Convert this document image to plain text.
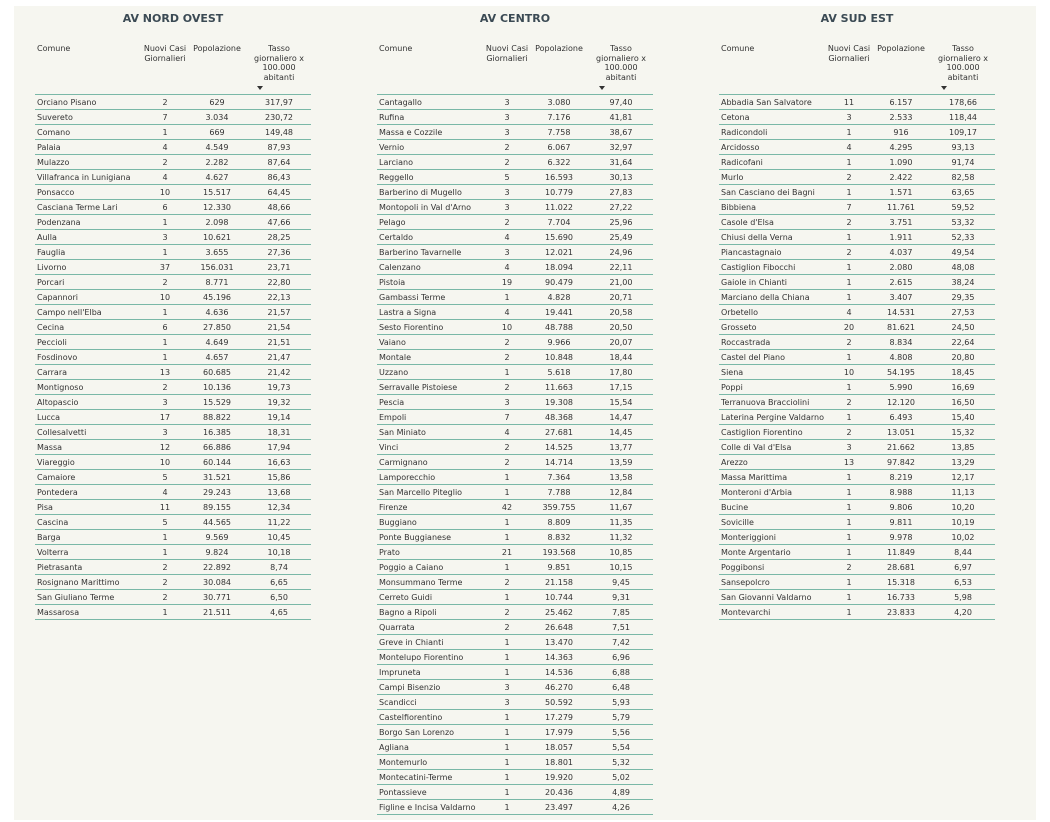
AV NORD OVEST
Comune	Nuovi Casi Giornalieri	Popolazione	Tasso giornaliero x 100.000 abitanti

Orciano Pisano	2	629	317,97
Suvereto	7	3.034	230,72
Comano	1	669	149,48
Palaia	4	4.549	87,93
Mulazzo	2	2.282	87,64
Villafranca in Lunigiana	4	4.627	86,43
Ponsacco	10	15.517	64,45
Casciana Terme Lari	6	12.330	48,66
Podenzana	1	2.098	47,66
Aulla	3	10.621	28,25
Fauglia	1	3.655	27,36
Livorno	37	156.031	23,71
Porcari	2	8.771	22,80
Capannori	10	45.196	22,13
Campo nell'Elba	1	4.636	21,57
Cecina	6	27.850	21,54
Peccioli	1	4.649	21,51
Fosdinovo	1	4.657	21,47
Carrara	13	60.685	21,42
Montignoso	2	10.136	19,73
Altopascio	3	15.529	19,32
Lucca	17	88.822	19,14
Collesalvetti	3	16.385	18,31
Massa	12	66.886	17,94
Viareggio	10	60.144	16,63
Camaiore	5	31.521	15,86
Pontedera	4	29.243	13,68
Pisa	11	89.155	12,34
Cascina	5	44.565	11,22
Barga	1	9.569	10,45
Volterra	1	9.824	10,18
Pietrasanta	2	22.892	8,74
Rosignano Marittimo	2	30.084	6,65
San Giuliano Terme	2	30.771	6,50
Massarosa	1	21.511	4,65
AV CENTRO
Comune	Nuovi Casi Giornalieri	Popolazione	Tasso giornaliero x 100.000 abitanti

Cantagallo	3	3.080	97,40
Rufina	3	7.176	41,81
Massa e Cozzile	3	7.758	38,67
Vernio	2	6.067	32,97
Larciano	2	6.322	31,64
Reggello	5	16.593	30,13
Barberino di Mugello	3	10.779	27,83
Montopoli in Val d'Arno	3	11.022	27,22
Pelago	2	7.704	25,96
Certaldo	4	15.690	25,49
Barberino Tavarnelle	3	12.021	24,96
Calenzano	4	18.094	22,11
Pistoia	19	90.479	21,00
Gambassi Terme	1	4.828	20,71
Lastra a Signa	4	19.441	20,58
Sesto Fiorentino	10	48.788	20,50
Vaiano	2	9.966	20,07
Montale	2	10.848	18,44
Uzzano	1	5.618	17,80
Serravalle Pistoiese	2	11.663	17,15
Pescia	3	19.308	15,54
Empoli	7	48.368	14,47
San Miniato	4	27.681	14,45
Vinci	2	14.525	13,77
Carmignano	2	14.714	13,59
Lamporecchio	1	7.364	13,58
San Marcello Piteglio	1	7.788	12,84
Firenze	42	359.755	11,67
Buggiano	1	8.809	11,35
Ponte Buggianese	1	8.832	11,32
Prato	21	193.568	10,85
Poggio a Caiano	1	9.851	10,15
Monsummano Terme	2	21.158	9,45
Cerreto Guidi	1	10.744	9,31
Bagno a Ripoli	2	25.462	7,85
Quarrata	2	26.648	7,51
Greve in Chianti	1	13.470	7,42
Montelupo Fiorentino	1	14.363	6,96
Impruneta	1	14.536	6,88
Campi Bisenzio	3	46.270	6,48
Scandicci	3	50.592	5,93
Castelfiorentino	1	17.279	5,79
Borgo San Lorenzo	1	17.979	5,56
Agliana	1	18.057	5,54
Montemurlo	1	18.801	5,32
Montecatini-Terme	1	19.920	5,02
Pontassieve	1	20.436	4,89
Figline e Incisa Valdarno	1	23.497	4,26
AV SUD EST
Comune	Nuovi Casi Giornalieri	Popolazione	Tasso giornaliero x 100.000 abitanti

Abbadia San Salvatore	11	6.157	178,66
Cetona	3	2.533	118,44
Radicondoli	1	916	109,17
Arcidosso	4	4.295	93,13
Radicofani	1	1.090	91,74
Murlo	2	2.422	82,58
San Casciano dei Bagni	1	1.571	63,65
Bibbiena	7	11.761	59,52
Casole d'Elsa	2	3.751	53,32
Chiusi della Verna	1	1.911	52,33
Piancastagnaio	2	4.037	49,54
Castiglion Fibocchi	1	2.080	48,08
Gaiole in Chianti	1	2.615	38,24
Marciano della Chiana	1	3.407	29,35
Orbetello	4	14.531	27,53
Grosseto	20	81.621	24,50
Roccastrada	2	8.834	22,64
Castel del Piano	1	4.808	20,80
Siena	10	54.195	18,45
Poppi	1	5.990	16,69
Terranuova Bracciolini	2	12.120	16,50
Laterina Pergine Valdarno	1	6.493	15,40
Castiglion Fiorentino	2	13.051	15,32
Colle di Val d'Elsa	3	21.662	13,85
Arezzo	13	97.842	13,29
Massa Marittima	1	8.219	12,17
Monteroni d'Arbia	1	8.988	11,13
Bucine	1	9.806	10,20
Sovicille	1	9.811	10,19
Monteriggioni	1	9.978	10,02
Monte Argentario	1	11.849	8,44
Poggibonsi	2	28.681	6,97
Sansepolcro	1	15.318	6,53
San Giovanni Valdarno	1	16.733	5,98
Montevarchi	1	23.833	4,20
